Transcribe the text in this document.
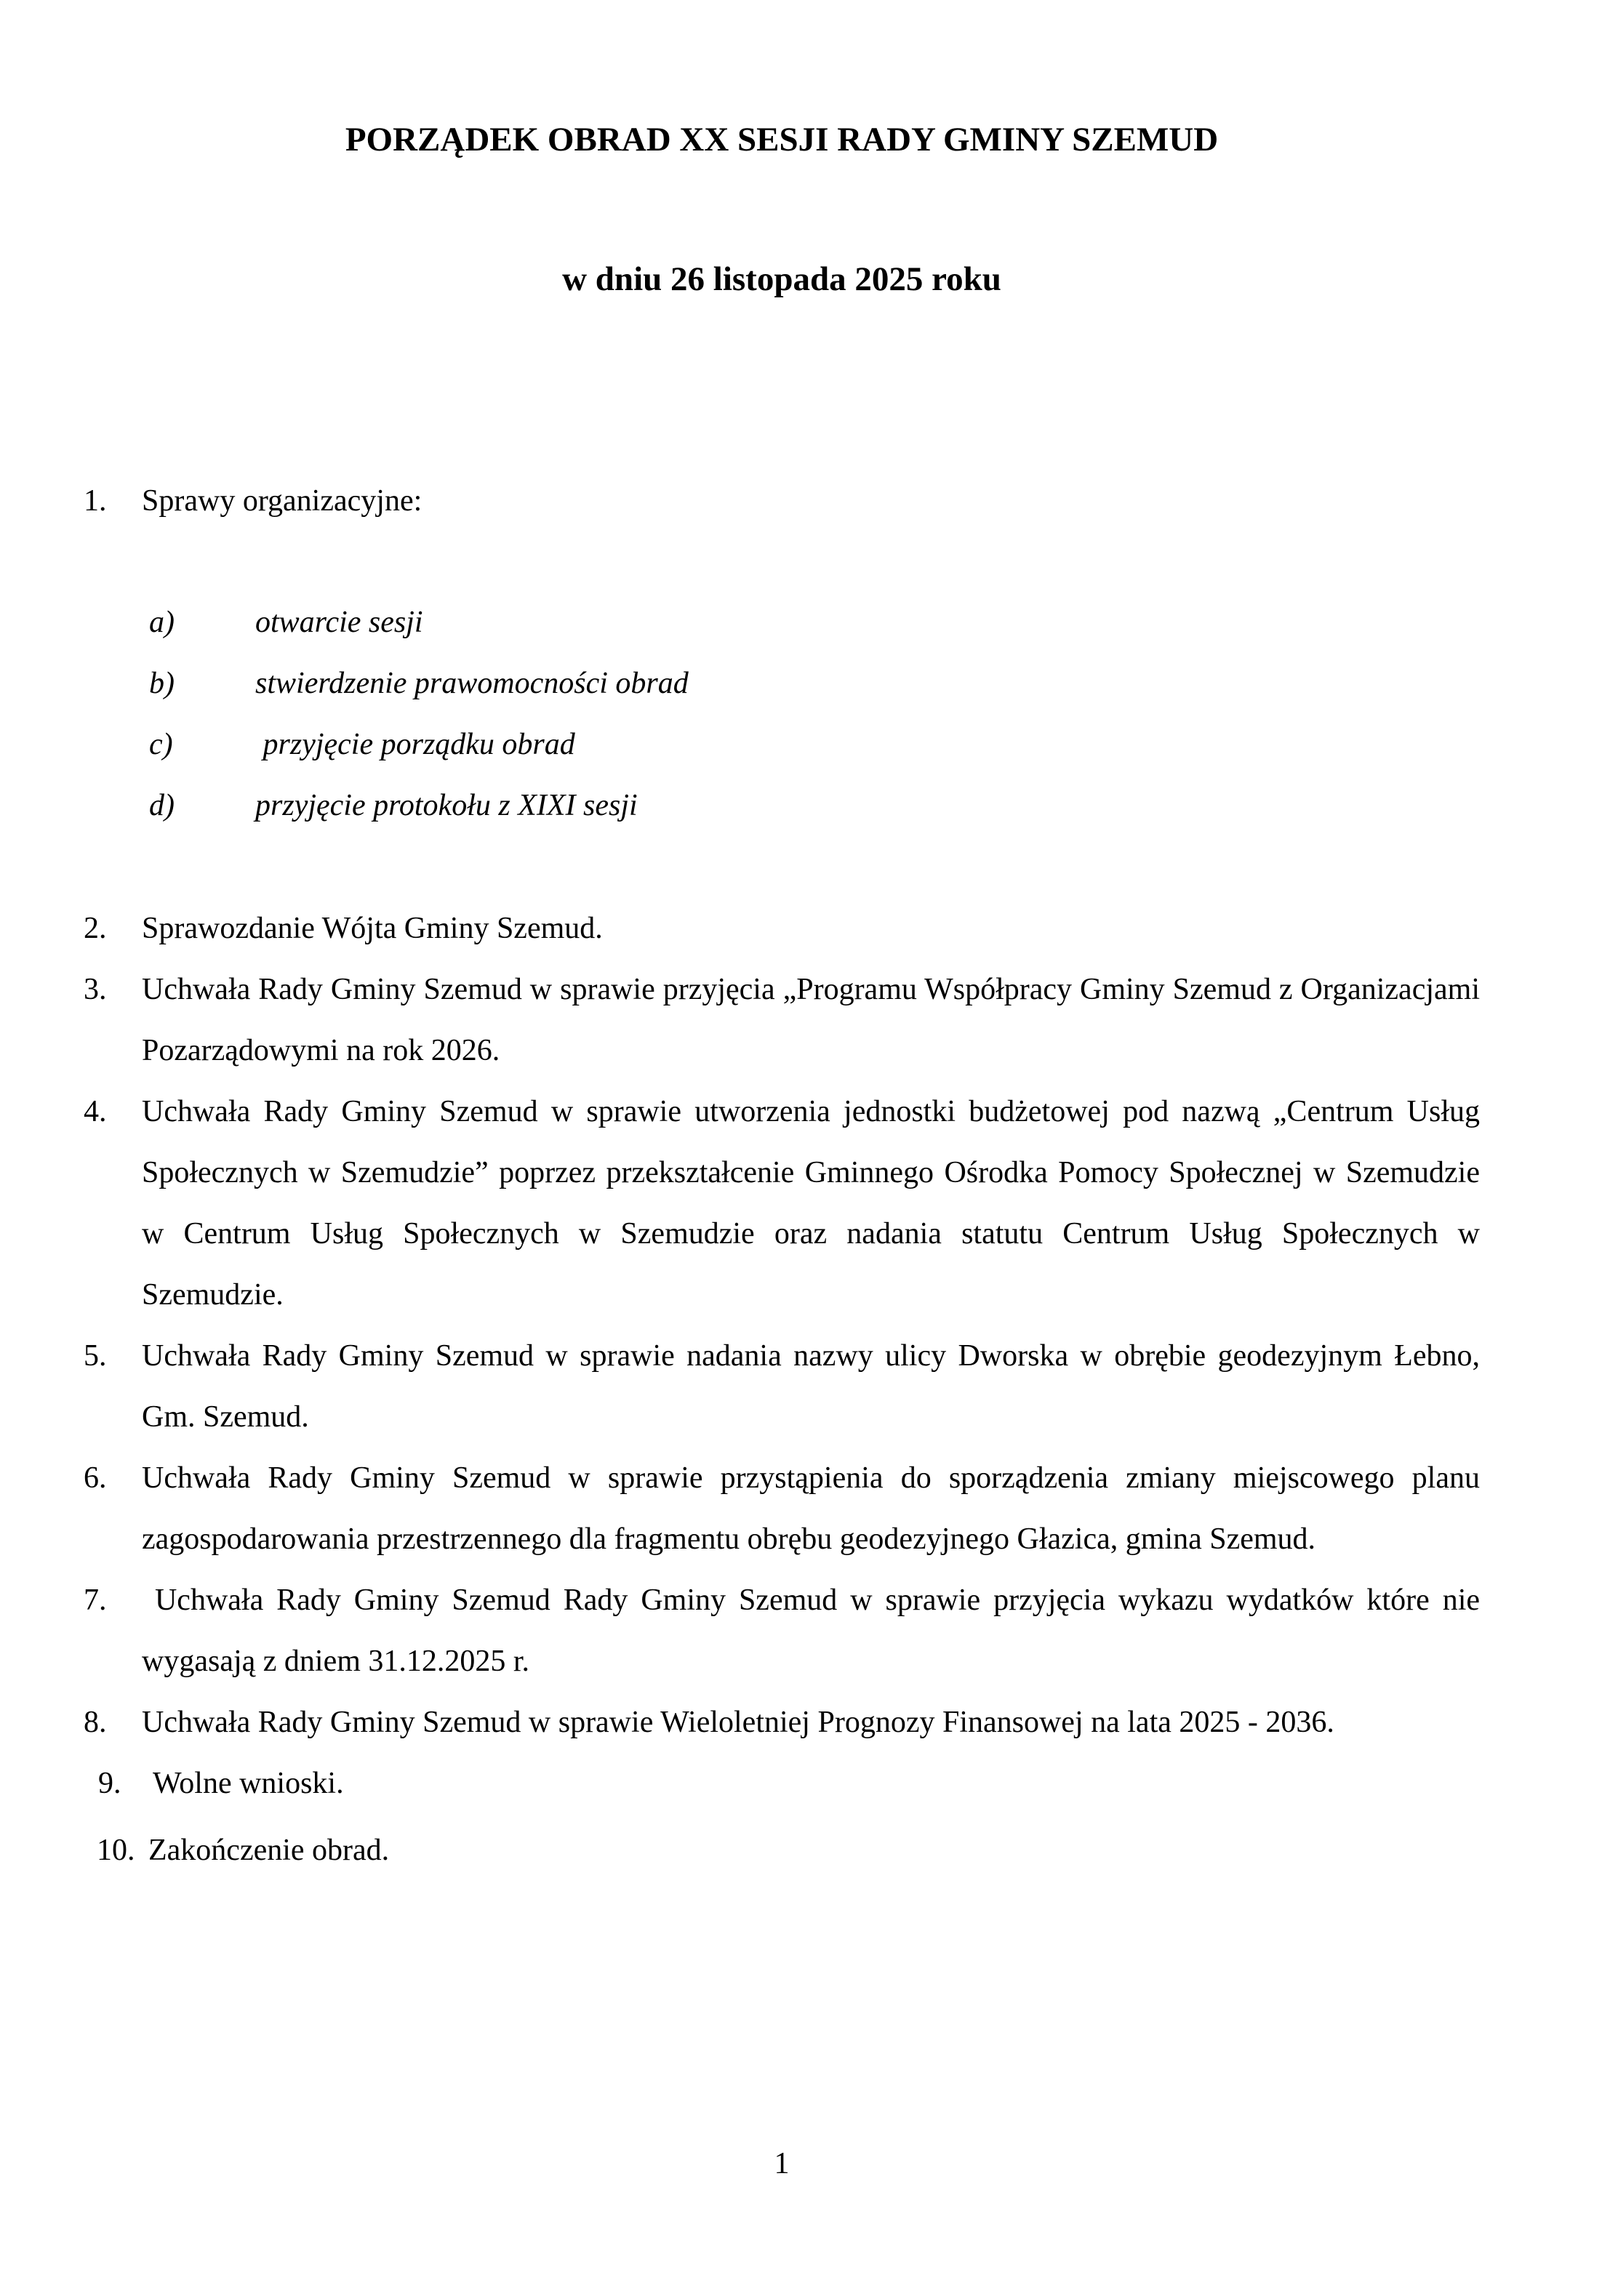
PORZĄDEK OBRAD XX SESJI RADY GMINY SZEMUD

w dniu 26 listopada 2025 roku

1. Sprawy organizacyjne:
a)	otwarcie sesji
b)	stwierdzenie prawomocności obrad
c)	przyjęcie porządku obrad
d)	przyjęcie protokołu z XIXI sesji
2. Sprawozdanie Wójta Gminy Szemud.
3. Uchwała Rady Gminy Szemud w sprawie przyjęcia „Programu Współpracy Gminy Szemud z Organizacjami Pozarządowymi na rok 2026.
4. Uchwała Rady Gminy Szemud w sprawie utworzenia jednostki budżetowej pod nazwą „Centrum Usług Społecznych w Szemudzie” poprzez przekształcenie Gminnego Ośrodka Pomocy Społecznej w Szemudzie w Centrum Usług Społecznych w Szemudzie oraz nadania statutu Centrum Usług Społecznych w Szemudzie.
5. Uchwała Rady Gminy Szemud w sprawie nadania nazwy ulicy Dworska w obrębie geodezyjnym Łebno, Gm. Szemud.
6. Uchwała Rady Gminy Szemud w sprawie przystąpienia do sporządzenia zmiany miejscowego planu zagospodarowania przestrzennego dla fragmentu obrębu geodezyjnego Głazica, gmina Szemud.
7. Uchwała Rady Gminy Szemud Rady Gminy Szemud w sprawie przyjęcia wykazu wydatków które nie wygasają z dniem 31.12.2025 r.
8. Uchwała Rady Gminy Szemud w sprawie Wieloletniej Prognozy Finansowej na lata 2025 - 2036.
9. Wolne wnioski.
10. Zakończenie obrad.
1
